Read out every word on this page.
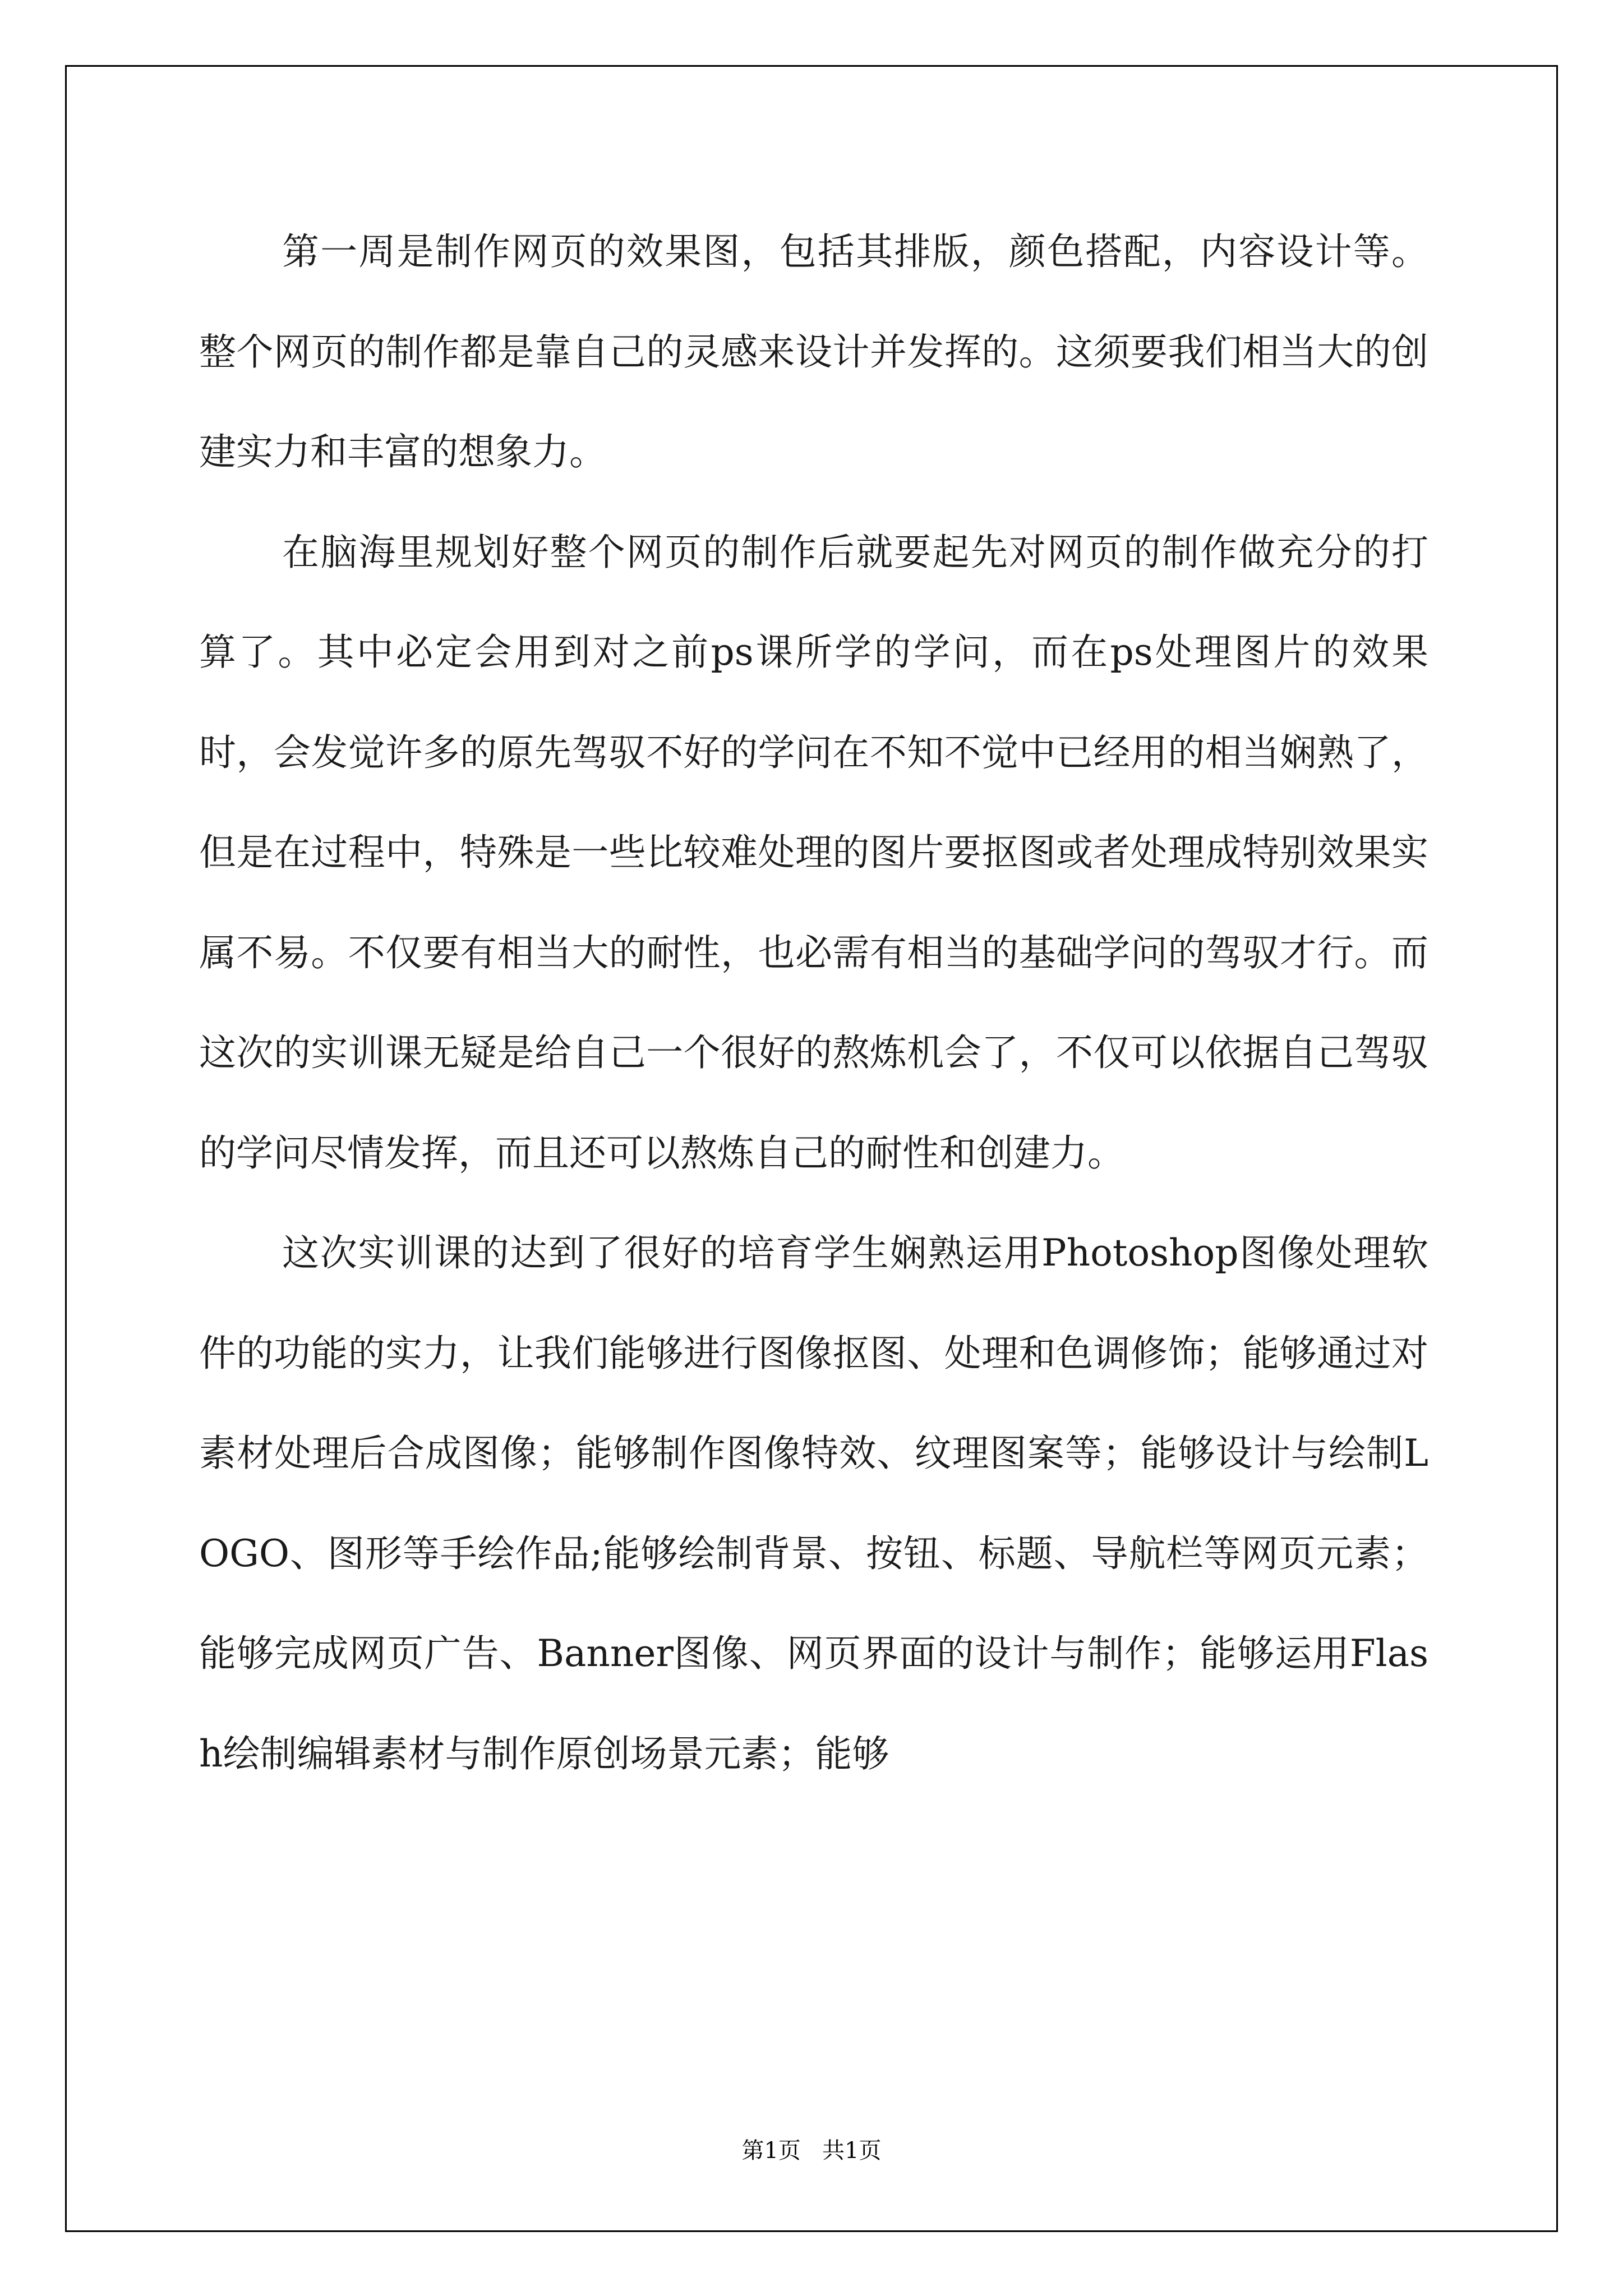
第一周是制作网页的效果图，包括其排版，颜色搭配，内容设计等。整个网页的制作都是靠自己的灵感来设计并发挥的。这须要我们相当大的创建实力和丰富的想象力。

在脑海里规划好整个网页的制作后就要起先对网页的制作做充分的打算了。其中必定会用到对之前ps课所学的学问，而在ps处理图片的效果时，会发觉许多的原先驾驭不好的学问在不知不觉中已经用的相当娴熟了，但是在过程中，特殊是一些比较难处理的图片要抠图或者处理成特别效果实属不易。不仅要有相当大的耐性，也必需有相当的基础学问的驾驭才行。而这次的实训课无疑是给自己一个很好的熬炼机会了，不仅可以依据自己驾驭的学问尽情发挥，而且还可以熬炼自己的耐性和创建力。

这次实训课的达到了很好的培育学生娴熟运用Photoshop图像处理软件的功能的实力，让我们能够进行图像抠图、处理和色调修饰；能够通过对素材处理后合成图像；能够制作图像特效、纹理图案等；能够设计与绘制LOGO、图形等手绘作品;能够绘制背景、按钮、标题、导航栏等网页元素；能够完成网页广告、Banner图像、网页界面的设计与制作；能够运用Flash绘制编辑素材与制作原创场景元素；能够

第1页   共1页
